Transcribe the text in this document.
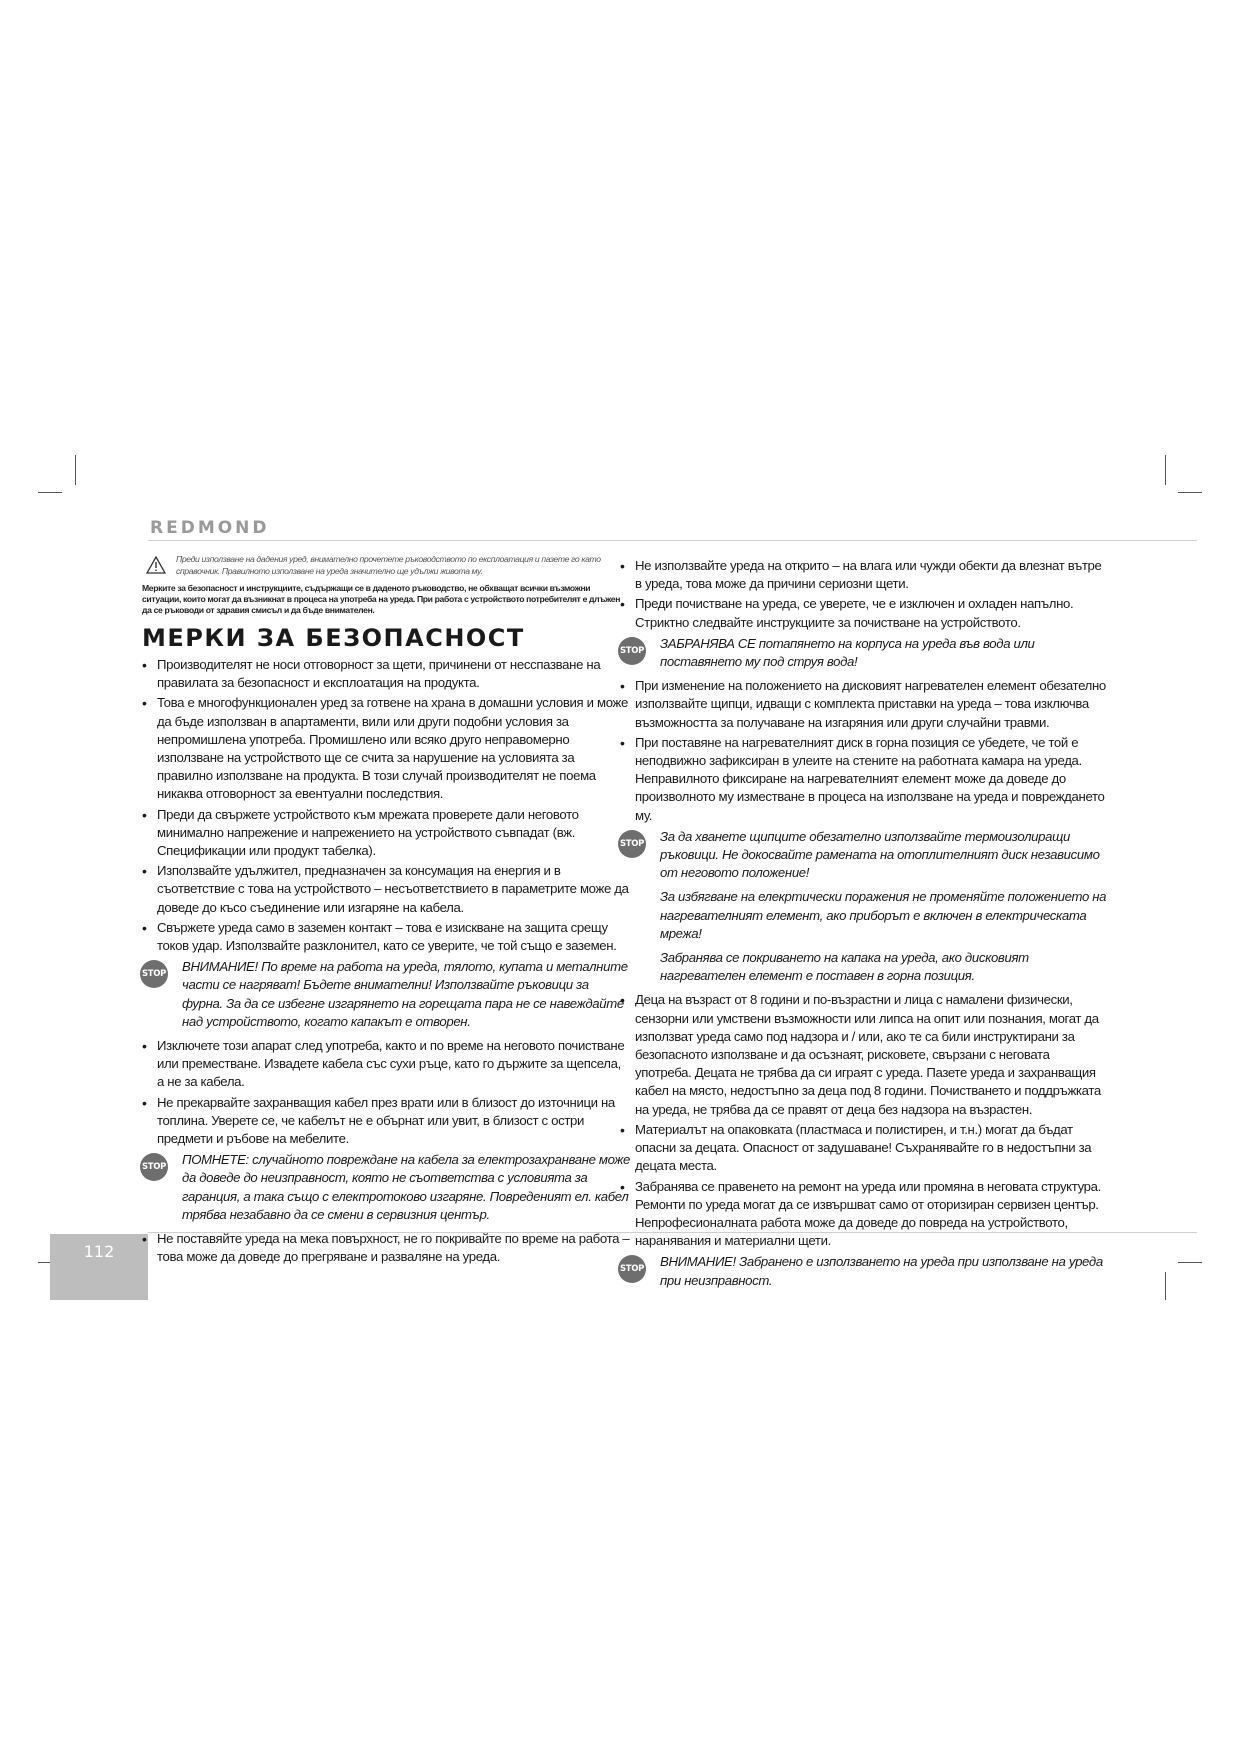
REDMOND
112
Преди използване на дадения уред, внимателно прочетете ръководството по експлоатация и пазете го като справочник. Правилното използване на уреда значително ще удължи живота му.
Мерките за безопасност и инструкциите, съдържащи се в даденото ръководство, не обхващат всички възможни ситуации, които могат да възникнат в процеса на употреба на уреда. При работа с устройството потребителят е длъжен да се ръководи от здравия смисъл и да бъде внимателен.
МЕРКИ ЗА БЕЗОПАСНОСТ
• Производителят не носи отговорност за щети, причинени от несспазване на правилата за безопасност и експлоатация на продукта.
• Това е многофункционален уред за готвене на храна в домашни условия и може да бъде използван в апартаменти, вили или други подобни условия за непромишлена употреба. Промишлено или всяко друго неправомерно използване на устройството ще се счита за нарушение на условията за правилно използване на продукта. В този случай производителят не поема никаква отговорност за евентуални последствия.
• Преди да свържете устройството към мрежата проверете дали неговото минимално напрежение и напрежението на устройството съвпадат (вж. Спецификации или продукт табелка).
• Използвайте удължител, предназначен за консумация на енергия и в съответствие с това на устройството – несъответствието в параметрите може да доведе до късо съединение или изгаряне на кабела.
• Свържете уреда само в заземен контакт – това е изискване на защита срещу токов удар. Използвайте разклонител, като се уверите, че той също е заземен.
STOP ВНИМАНИЕ! По време на работа на уреда, тялото, купата и металните части се нагряват! Бъдете внимателни! Използвайте ръковици за фурна. За да се избегне изгарянето на горещата пара не се навеждайте над устройството, когато капакът е отворен.

• Изключете този апарат след употреба, както и по време на неговото почистване или преместване. Извадете кабела със сухи ръце, като го държите за щепсела, а не за кабела.
• Не прекарвайте захранващия кабел през врати или в близост до източници на топлина. Уверете се, че кабелът не е обърнат или увит, в близост с остри предмети и ръбове на мебелите.
STOP ПОМНЕТЕ: случайното повреждане на кабела за електрозахранване може да доведе до неизправност, която не съответства с условията за гаранция, а така също с електротоково изгаряне. Повреденият ел. кабел трябва незабавно да се смени в сервизния център.

• Не поставяйте уреда на мека повърхност, не го покривайте по време на работа – това може да доведе до прегряване и разваляне на уреда.
• Не използвайте уреда на открито – на влага или чужди обекти да влезнат вътре в уреда, това може да причини сериозни щети.
• Преди почистване на уреда, се уверете, че е изключен и охладен напълно. Стриктно следвайте инструкциите за почистване на устройството.
STOP ЗАБРАНЯВА СЕ потапянето на корпуса на уреда във вода или поставянето му под струя вода!

• При изменение на положението на дисковият нагревателен елемент обезателно използвайте щипци, идващи с комплекта приставки на уреда – това изключва възможността за получаване на изгаряния или други случайни травми.
• При поставяне на нагревателният диск в горна позиция се убедете, че той е неподвижно зафиксиран в улеите на стените на работната камара на уреда. Неправилното фиксиране на нагревателният елемент може да доведе до произволното му изместване в процеса на използване на уреда и повреждането му.
STOP За да хванете щипците обезателно използвайте термоизолиращи ръковици. Не докосвайте рамената на отоплителният диск независимо от неговото положение!

За избягване на елекртически поражения не променяйте положението на нагревателният елемент, ако приборът е включен в електрическата мрежа!

Забранява се покриването на капака на уреда, ако дисковият нагревателен елемент е поставен в горна позиция.

• Деца на възраст от 8 години и по-възрастни и лица с намалени физически, сензорни или умствени възможности или липса на опит или познания, могат да използват уреда само под надзора и / или, ако те са били инструктирани за безопасното използване и да осъзнаят, рисковете, свързани с неговата употреба. Децата не трябва да си играят с уреда. Пазете уреда и захранващия кабел на място, недостъпно за деца под 8 години. Почистването и поддръжката на уреда, не трябва да се правят от деца без надзора на възрастен.
• Материалът на опаковката (пластмаса и полистирен, и т.н.) могат да бъдат опасни за децата. Опасност от задушаване! Съхранявайте го в недостъпни за децата места.
• Забранява се правенето на ремонт на уреда или промяна в неговата структура. Ремонти по уреда могат да се извършват само от оторизиран сервизен център. Непрофесионалната работа може да доведе до повреда на устройството, наранявания и материални щети.
STOP ВНИМАНИЕ! Забранено е използването на уреда при използване на уреда при неизправност.
